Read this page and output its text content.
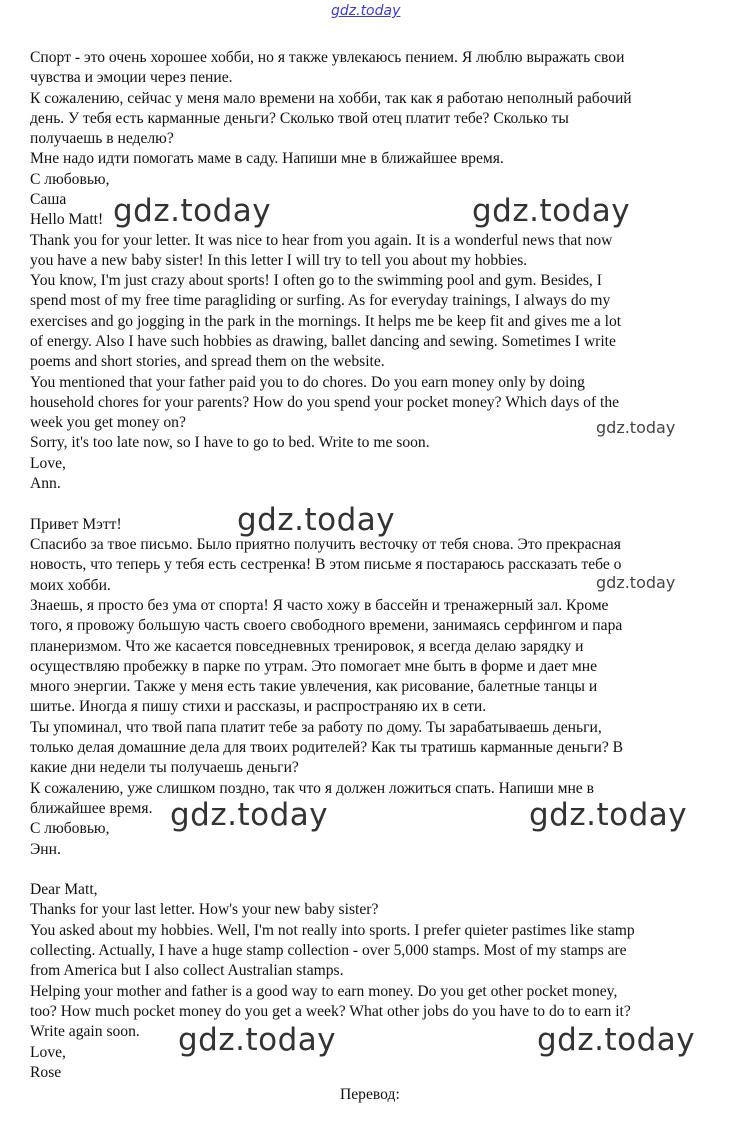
gdz.today
Спорт - это очень хорошее хобби, но я также увлекаюсь пением. Я люблю выражать свои
чувства и эмоции через пение.
К сожалению, сейчас у меня мало времени на хобби, так как я работаю неполный рабочий
день. У тебя есть карманные деньги? Сколько твой отец платит тебе? Сколько ты
получаешь в неделю?
Мне надо идти помогать маме в саду. Напиши мне в ближайшее время.
С любовью,
Саша
Hello Matt!
Thank you for your letter. It was nice to hear from you again. It is a wonderful news that now
you have a new baby sister! In this letter I will try to tell you about my hobbies.
You know, I'm just crazy about sports! I often go to the swimming pool and gym. Besides, I
spend most of my free time paragliding or surfing. As for everyday trainings, I always do my
exercises and go jogging in the park in the mornings. It helps me be keep fit and gives me a lot
of energy. Also I have such hobbies as drawing, ballet dancing and sewing. Sometimes I write
poems and short stories, and spread them on the website.
You mentioned that your father paid you to do chores. Do you earn money only by doing
household chores for your parents? How do you spend your pocket money? Which days of the
week you get money on?
Sorry, it's too late now, so I have to go to bed. Write to me soon.
Love,
Ann.
Привет Мэтт!
Спасибо за твое письмо. Было приятно получить весточку от тебя снова. Это прекрасная
новость, что теперь у тебя есть сестренка! В этом письме я постараюсь рассказать тебе о
моих хобби.
Знаешь, я просто без ума от спорта! Я часто хожу в бассейн и тренажерный зал. Кроме
того, я провожу большую часть своего свободного времени, занимаясь серфингом и пара
планеризмом. Что же касается повседневных тренировок, я всегда делаю зарядку и
осуществляю пробежку в парке по утрам. Это помогает мне быть в форме и дает мне
много энергии. Также у меня есть такие увлечения, как рисование, балетные танцы и
шитье. Иногда я пишу стихи и рассказы, и распространяю их в сети.
Ты упоминал, что твой папа платит тебе за работу по дому. Ты зарабатываешь деньги,
только делая домашние дела для твоих родителей? Как ты тратишь карманные деньги? В
какие дни недели ты получаешь деньги?
К сожалению, уже слишком поздно, так что я должен ложиться спать. Напиши мне в
ближайшее время.
С любовью,
Энн.
Dear Matt,
Thanks for your last letter. How's your new baby sister?
You asked about my hobbies. Well, I'm not really into sports. I prefer quieter pastimes like stamp
collecting. Actually, I have a huge stamp collection - over 5,000 stamps. Most of my stamps are
from America but I also collect Australian stamps.
Helping your mother and father is a good way to earn money. Do you get other pocket money,
too? How much pocket money do you get a week? What other jobs do you have to do to earn it?
Write again soon.
Love,
Rose
Перевод:
gdz.today	gdz.today
gdz.today
gdz.today
gdz.today
gdz.today	gdz.today
gdz.today	gdz.today
